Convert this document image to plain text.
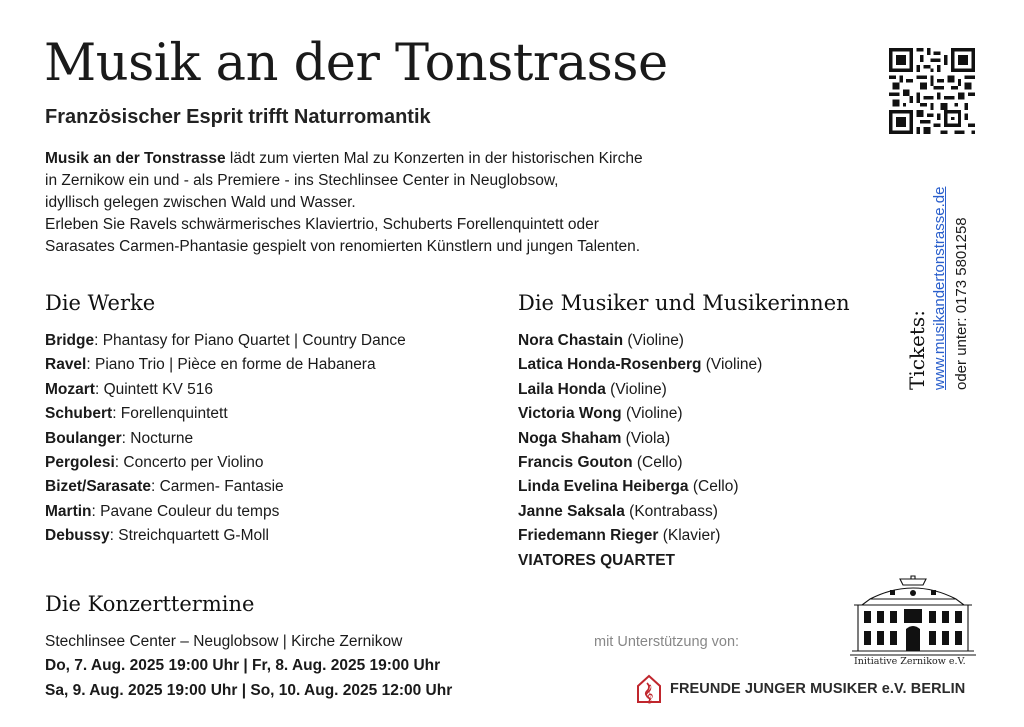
Musik an der Tonstrasse
Französischer Esprit trifft Naturromantik

Musik an der Tonstrasse lädt zum vierten Mal zu Konzerten in der historischen Kirche

in Zernikow ein und - als Premiere - ins Stechlinsee Center in Neuglobsow,

idyllisch gelegen zwischen Wald und Wasser.

Erleben Sie Ravels schwärmerisches Klaviertrio, Schuberts Forellenquintett oder

Sarasates Carmen-Phantasie gespielt von renomierten Künstlern und jungen Talenten.

Die Werke
Bridge: Phantasy for Piano Quartet | Country Dance
Ravel: Piano Trio | Pièce en forme de Habanera
Mozart: Quintett KV 516
Schubert: Forellenquintett
Boulanger: Nocturne
Pergolesi: Concerto per Violino
Bizet/Sarasate: Carmen- Fantasie
Martin: Pavane Couleur du temps
Debussy: Streichquartett G-Moll
Die Musiker und Musikerinnen
Nora Chastain (Violine)
Latica Honda-Rosenberg (Violine)
Laila Honda (Violine)
Victoria Wong (Violine)
Noga Shaham (Viola)
Francis Gouton (Cello)
Linda Evelina Heiberga (Cello)
Janne Saksala (Kontrabass)
Friedemann Rieger (Klavier)
VIATORES QUARTET
Die Konzerttermine
Stechlinsee Center – Neuglobsow | Kirche Zernikow
Do, 7. Aug. 2025 19:00 Uhr | Fr, 8. Aug. 2025 19:00 Uhr
Sa, 9. Aug. 2025 19:00 Uhr | So, 10. Aug. 2025 12:00 Uhr
Tickets: www.musikandertonstrasse.de oder unter: 0173 5801258
mit Unterstützung von:
Initiative Zernikow e.V.
𝄞 FREUNDE JUNGER MUSIKER e.V. BERLIN
